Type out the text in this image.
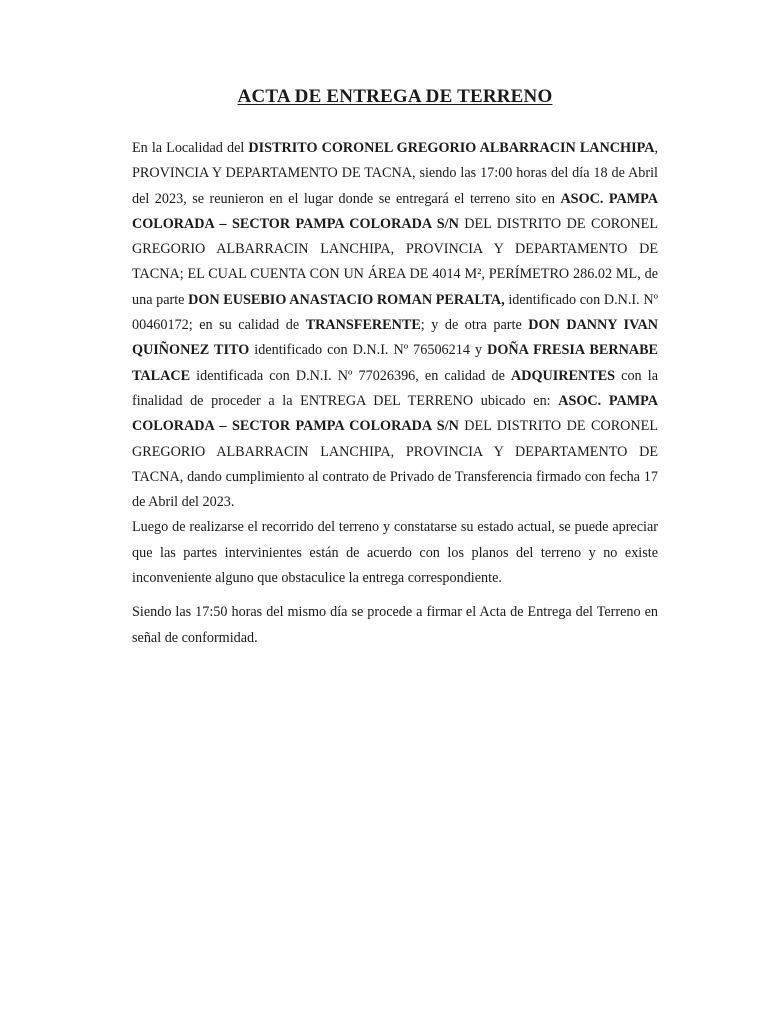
ACTA DE ENTREGA DE TERRENO

En la Localidad del DISTRITO CORONEL GREGORIO ALBARRACIN LANCHIPA, PROVINCIA Y DEPARTAMENTO DE TACNA, siendo las 17:00 horas del día 18 de Abril del 2023, se reunieron en el lugar donde se entregará el terreno sito en ASOC. PAMPA COLORADA – SECTOR PAMPA COLORADA S/N DEL DISTRITO DE CORONEL GREGORIO ALBARRACIN LANCHIPA, PROVINCIA Y DEPARTAMENTO DE TACNA; EL CUAL CUENTA CON UN ÁREA DE 4014 M², PERÍMETRO 286.02 ML, de una parte DON EUSEBIO ANASTACIO ROMAN PERALTA, identificado con D.N.I. Nº 00460172; en su calidad de TRANSFERENTE; y de otra parte DON DANNY IVAN QUIÑONEZ TITO identificado con D.N.I. Nº 76506214 y DOÑA FRESIA BERNABE TALACE identificada con D.N.I. Nº 77026396, en calidad de ADQUIRENTES con la finalidad de proceder a la ENTREGA DEL TERRENO ubicado en: ASOC. PAMPA COLORADA – SECTOR PAMPA COLORADA S/N DEL DISTRITO DE CORONEL GREGORIO ALBARRACIN LANCHIPA, PROVINCIA Y DEPARTAMENTO DE TACNA, dando cumplimiento al contrato de Privado de Transferencia firmado con fecha 17 de Abril del 2023.

Luego de realizarse el recorrido del terreno y constatarse su estado actual, se puede apreciar que las partes intervinientes están de acuerdo con los planos del terreno y no existe inconveniente alguno que obstaculice la entrega correspondiente.

Siendo las 17:50 horas del mismo día se procede a firmar el Acta de Entrega del Terreno en señal de conformidad.
